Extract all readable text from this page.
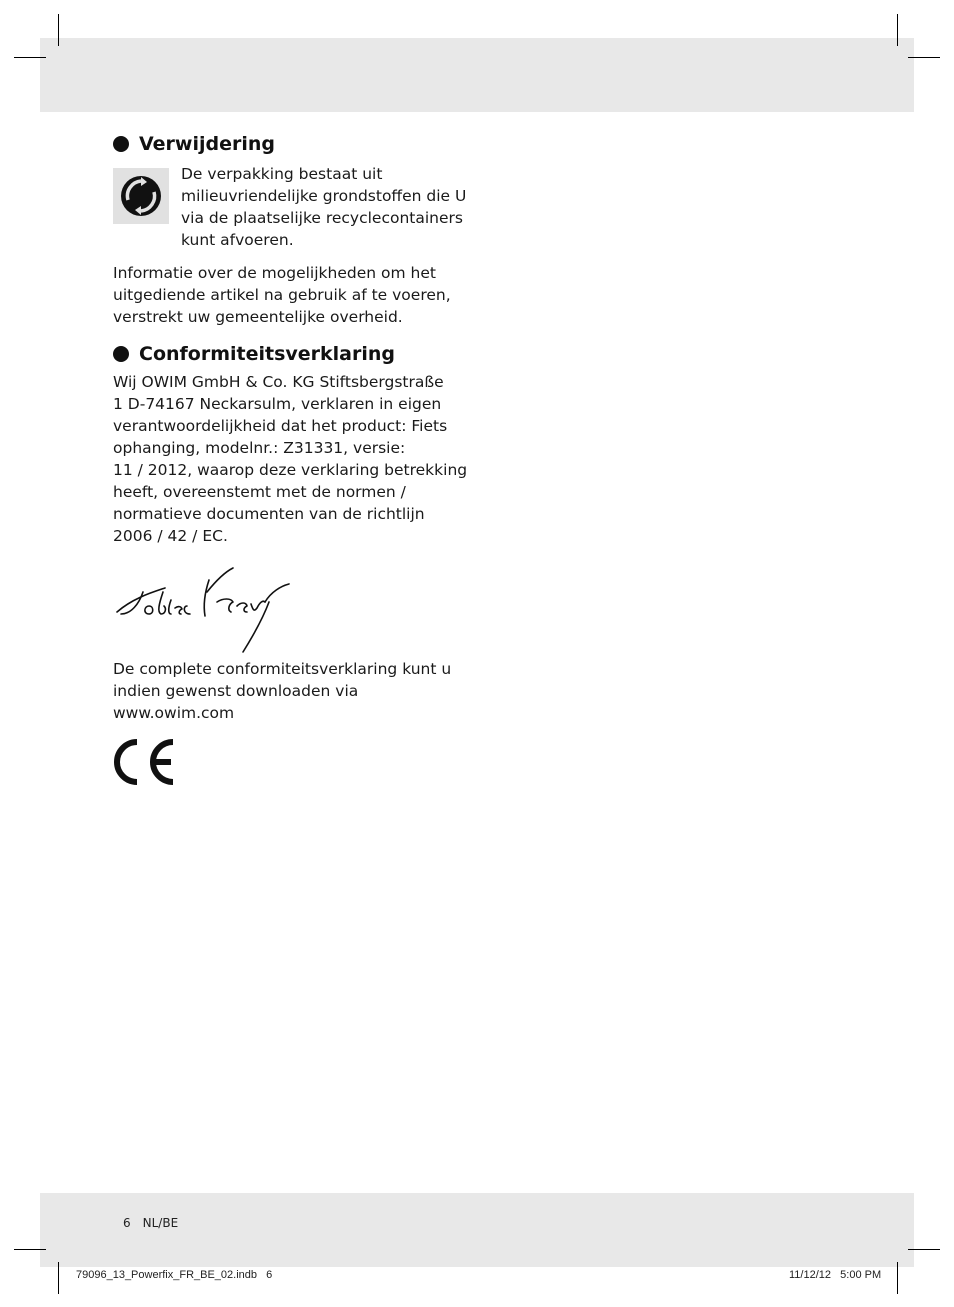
Verwijdering

De verpakking bestaat uit

milieuvriendelijke grondstoffen die U

via de plaatselijke recyclecontainers

kunt afvoeren.

Informatie over de mogelijkheden om het

uitgediende artikel na gebruik af te voeren,

verstrekt uw gemeentelijke overheid.

Conformiteitsverklaring

Wij OWIM GmbH & Co. KG Stiftsbergstraße

1 D-74167 Neckarsulm, verklaren in eigen

verantwoordelijkheid dat het product: Fiets

ophanging, modelnr.: Z31331, versie:

11 / 2012, waarop deze verklaring betrekking

heeft, overeenstemt met de normen /

normatieve documenten van de richtlijn

2006 / 42 / EC.

De complete conformiteitsverklaring kunt u

indien gewenst downloaden via

www.owim.com

6 NL/BE
79096_13_Powerfix_FR_BE_02.indb   6	11/12/12   5:00 PM
